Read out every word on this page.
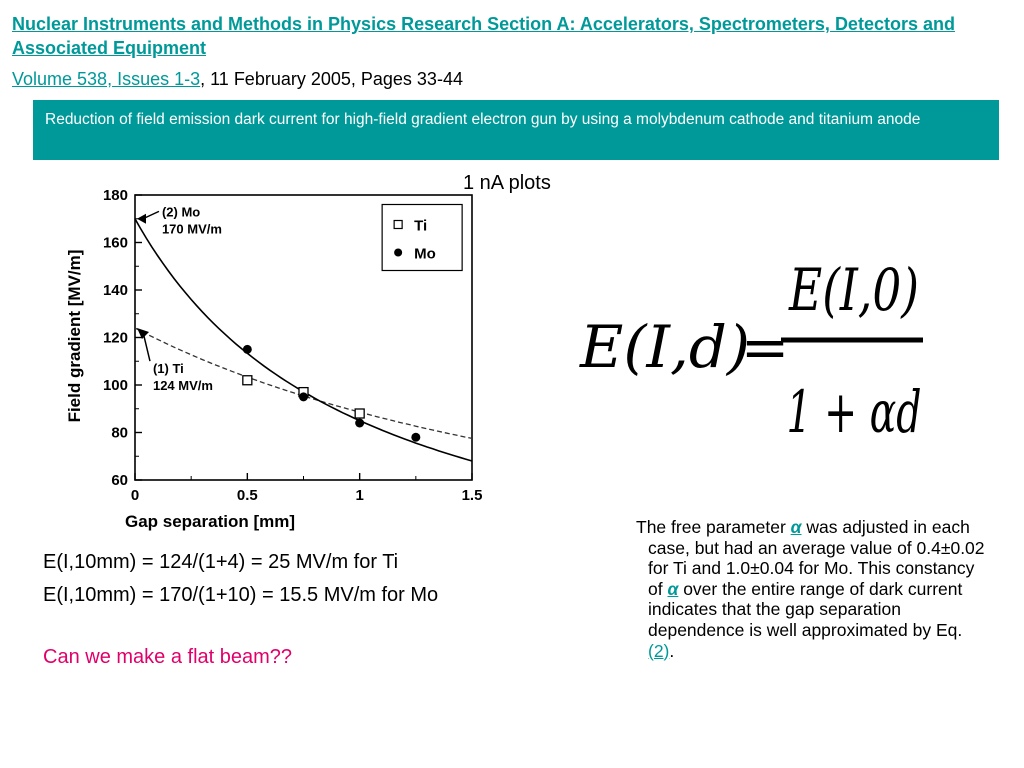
Nuclear Instruments and Methods in Physics Research Section A: Accelerators, Spectrometers, Detectors and Associated Equipment
Volume 538, Issues 1-3, 11 February 2005, Pages 33-44
Reduction of field emission dark current for high-field gradient electron gun by using a molybdenum cathode and titanium anode
1 nA plots
0	0.5	1	1.5
60
80
100
120
140
160
180
(2) Mo
170 MV/m
(1) Ti
124 MV/m
Ti
Mo
Gap separation [mm]
Field gradient [MV/m]	E(I,d)
=
E(I,0)
1 + αd
E(I,10mm) = 124/(1+4) = 25 MV/m for Ti
E(I,10mm) = 170/(1+10) = 15.5 MV/m for Mo
Can we make a flat beam??
The free parameter α was adjusted in each case, but had an average value of 0.4±0.02 for Ti and 1.0±0.04 for Mo. This constancy of α over the entire range of dark current indicates that the gap separation dependence is well approximated by Eq. (2).
